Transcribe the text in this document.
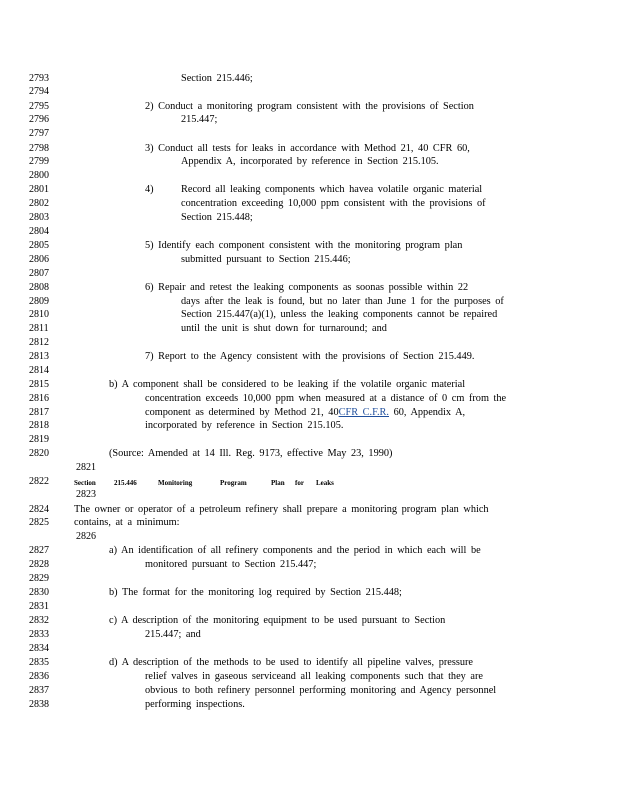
2793
2794
2795
2796
2797
2798
2799
2800
2801
2802
2803
2804
2805
2806
2807
2808
2809
2810
2811
2812
2813
2814
2815
2816
2817
2818
2819
2820
2821
2822
2823
2824
2825
2826
2827
2828
2829
2830
2831
2832
2833
2834
2835
2836
2837
2838
Section 215.446;
2) Conduct a monitoring program consistent with the provisions of Section
215.447;
3) Conduct all tests for leaks in accordance with Method 21, 40 CFR 60,
Appendix A, incorporated by reference in Section 215.105.
4)	Record all leaking components which havea volatile organic material
concentration exceeding 10,000 ppm consistent with the provisions of
Section 215.448;
5) Identify each component consistent with the monitoring program plan
submitted pursuant to Section 215.446;
6) Repair and retest the leaking components as soonas possible within 22
days after the leak is found, but no later than June 1 for the purposes of
Section 215.447(a)(1), unless the leaking components cannot be repaired
until the unit is shut down for turnaround; and
7) Report to the Agency consistent with the provisions of Section 215.449.
b) A component shall be considered to be leaking if the volatile organic material
concentration exceeds 10,000 ppm when measured at a distance of 0 cm from the
component as determined by Method 21, 40CFR C.F.R. 60, Appendix A,
incorporated by reference in Section 215.105.
(Source: Amended at 14 Ill. Reg. 9173, effective May 23, 1990)
Section	215.446	Monitoring	Program	Plan for Leaks
The owner or operator of a petroleum refinery shall prepare a monitoring program plan which
contains, at a minimum:
a) An identification of all refinery components and the period in which each will be
monitored pursuant to Section 215.447;
b) The format for the monitoring log required by Section 215.448;
c) A description of the monitoring equipment to be used pursuant to Section
215.447; and
d) A description of the methods to be used to identify all pipeline valves, pressure
relief valves in gaseous serviceand all leaking components such that they are
obvious to both refinery personnel performing monitoring and Agency personnel
performing inspections.
